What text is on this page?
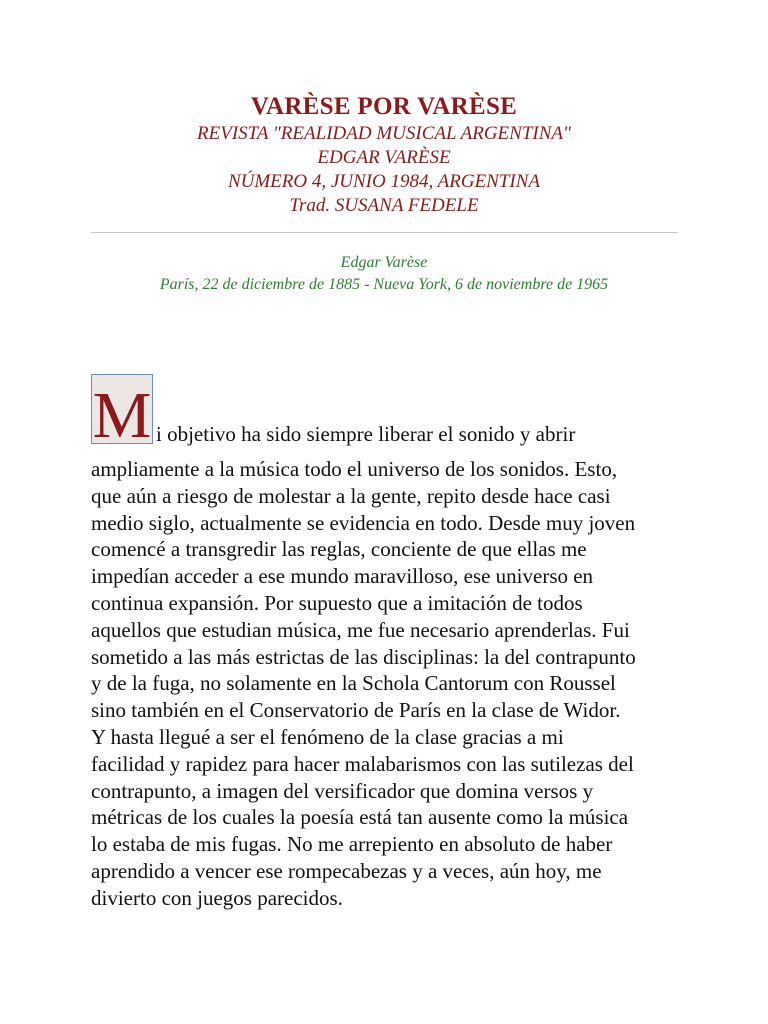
VARÈSE POR VARÈSE

REVISTA "REALIDAD MUSICAL ARGENTINA"

EDGAR VARÈSE

NÚMERO 4, JUNIO 1984, ARGENTINA

Trad. SUSANA FEDELE

Edgar Varèse
París, 22 de diciembre de 1885 - Nueva York, 6 de noviembre de 1965
M i objetivo ha sido siempre liberar el sonido y abrir
ampliamente a la música todo el universo de los sonidos. Esto,
que aún a riesgo de molestar a la gente, repito desde hace casi
medio siglo, actualmente se evidencia en todo. Desde muy joven
comencé a transgredir las reglas, conciente de que ellas me
impedían acceder a ese mundo maravilloso, ese universo en
continua expansión. Por supuesto que a imitación de todos
aquellos que estudian música, me fue necesario aprenderlas. Fui
sometido a las más estrictas de las disciplinas: la del contrapunto
y de la fuga, no solamente en la Schola Cantorum con Roussel
sino también en el Conservatorio de París en la clase de Widor.
Y hasta llegué a ser el fenómeno de la clase gracias a mi
facilidad y rapidez para hacer malabarismos con las sutilezas del
contrapunto, a imagen del versificador que domina versos y
métricas de los cuales la poesía está tan ausente como la música
lo estaba de mis fugas. No me arrepiento en absoluto de haber
aprendido a vencer ese rompecabezas y a veces, aún hoy, me
divierto con juegos parecidos.
